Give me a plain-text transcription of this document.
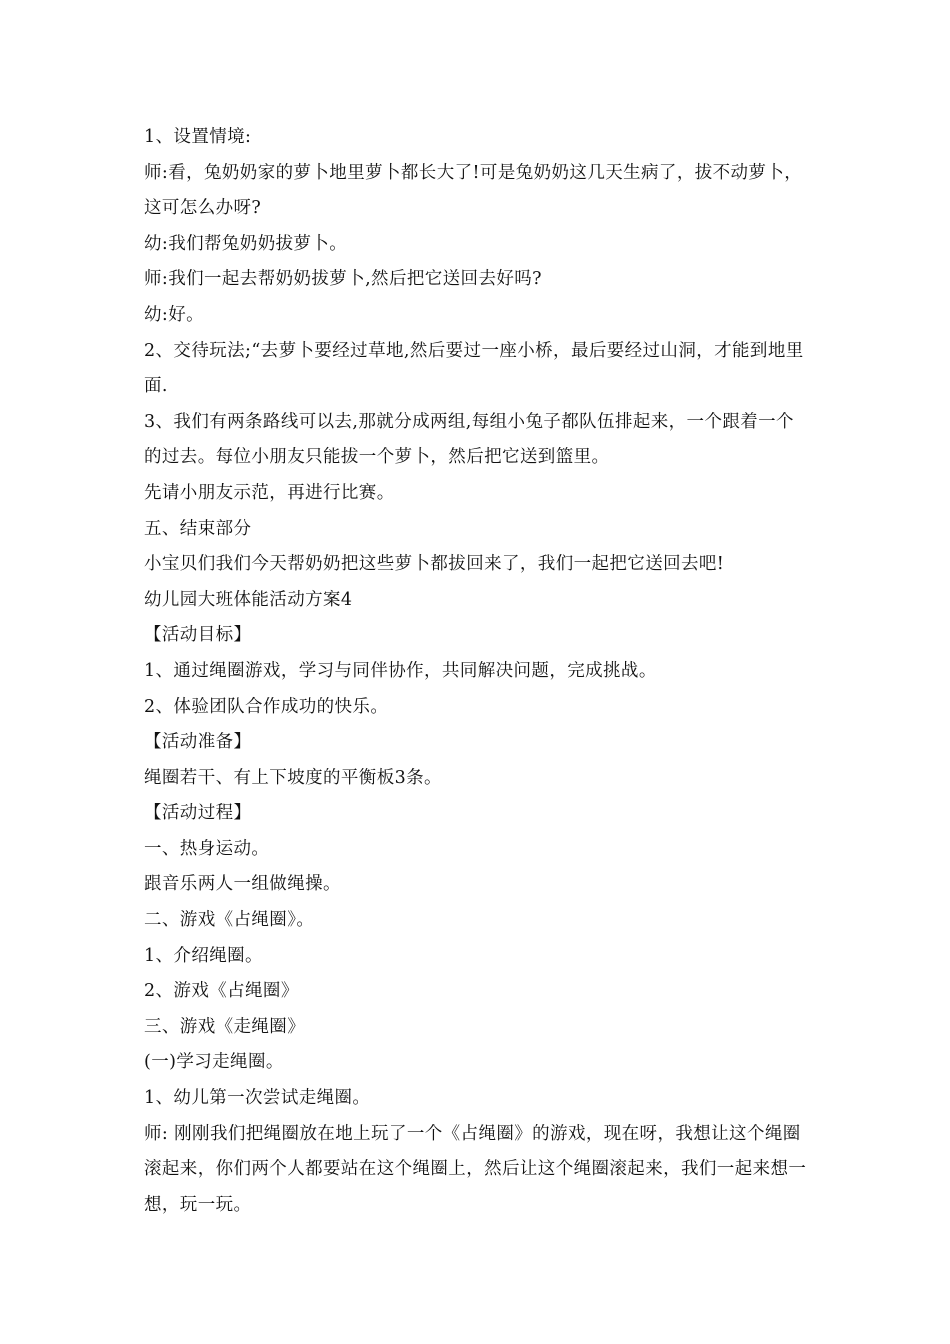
1、设置情境:

师:看，兔奶奶家的萝卜地里萝卜都长大了!可是兔奶奶这几天生病了，拔不动萝卜，这可怎么办呀?

幼:我们帮兔奶奶拔萝卜。

师:我们一起去帮奶奶拔萝卜,然后把它送回去好吗?

幼:好。

2、交待玩法;“去萝卜要经过草地,然后要过一座小桥，最后要经过山洞，才能到地里面.

3、我们有两条路线可以去,那就分成两组,每组小兔子都队伍排起来，一个跟着一个的过去。每位小朋友只能拔一个萝卜，然后把它送到篮里。

先请小朋友示范，再进行比赛。

五、结束部分

小宝贝们我们今天帮奶奶把这些萝卜都拔回来了，我们一起把它送回去吧!

幼儿园大班体能活动方案4

【活动目标】

1、通过绳圈游戏，学习与同伴协作，共同解决问题，完成挑战。

2、体验团队合作成功的快乐。

【活动准备】

绳圈若干、有上下坡度的平衡板3条。

【活动过程】

一、热身运动。

跟音乐两人一组做绳操。

二、游戏《占绳圈》。

1、介绍绳圈。

2、游戏《占绳圈》

三、游戏《走绳圈》

(一)学习走绳圈。

1、幼儿第一次尝试走绳圈。

师: 刚刚我们把绳圈放在地上玩了一个《占绳圈》的游戏，现在呀，我想让这个绳圈滚起来，你们两个人都要站在这个绳圈上，然后让这个绳圈滚起来，我们一起来想一想，玩一玩。
